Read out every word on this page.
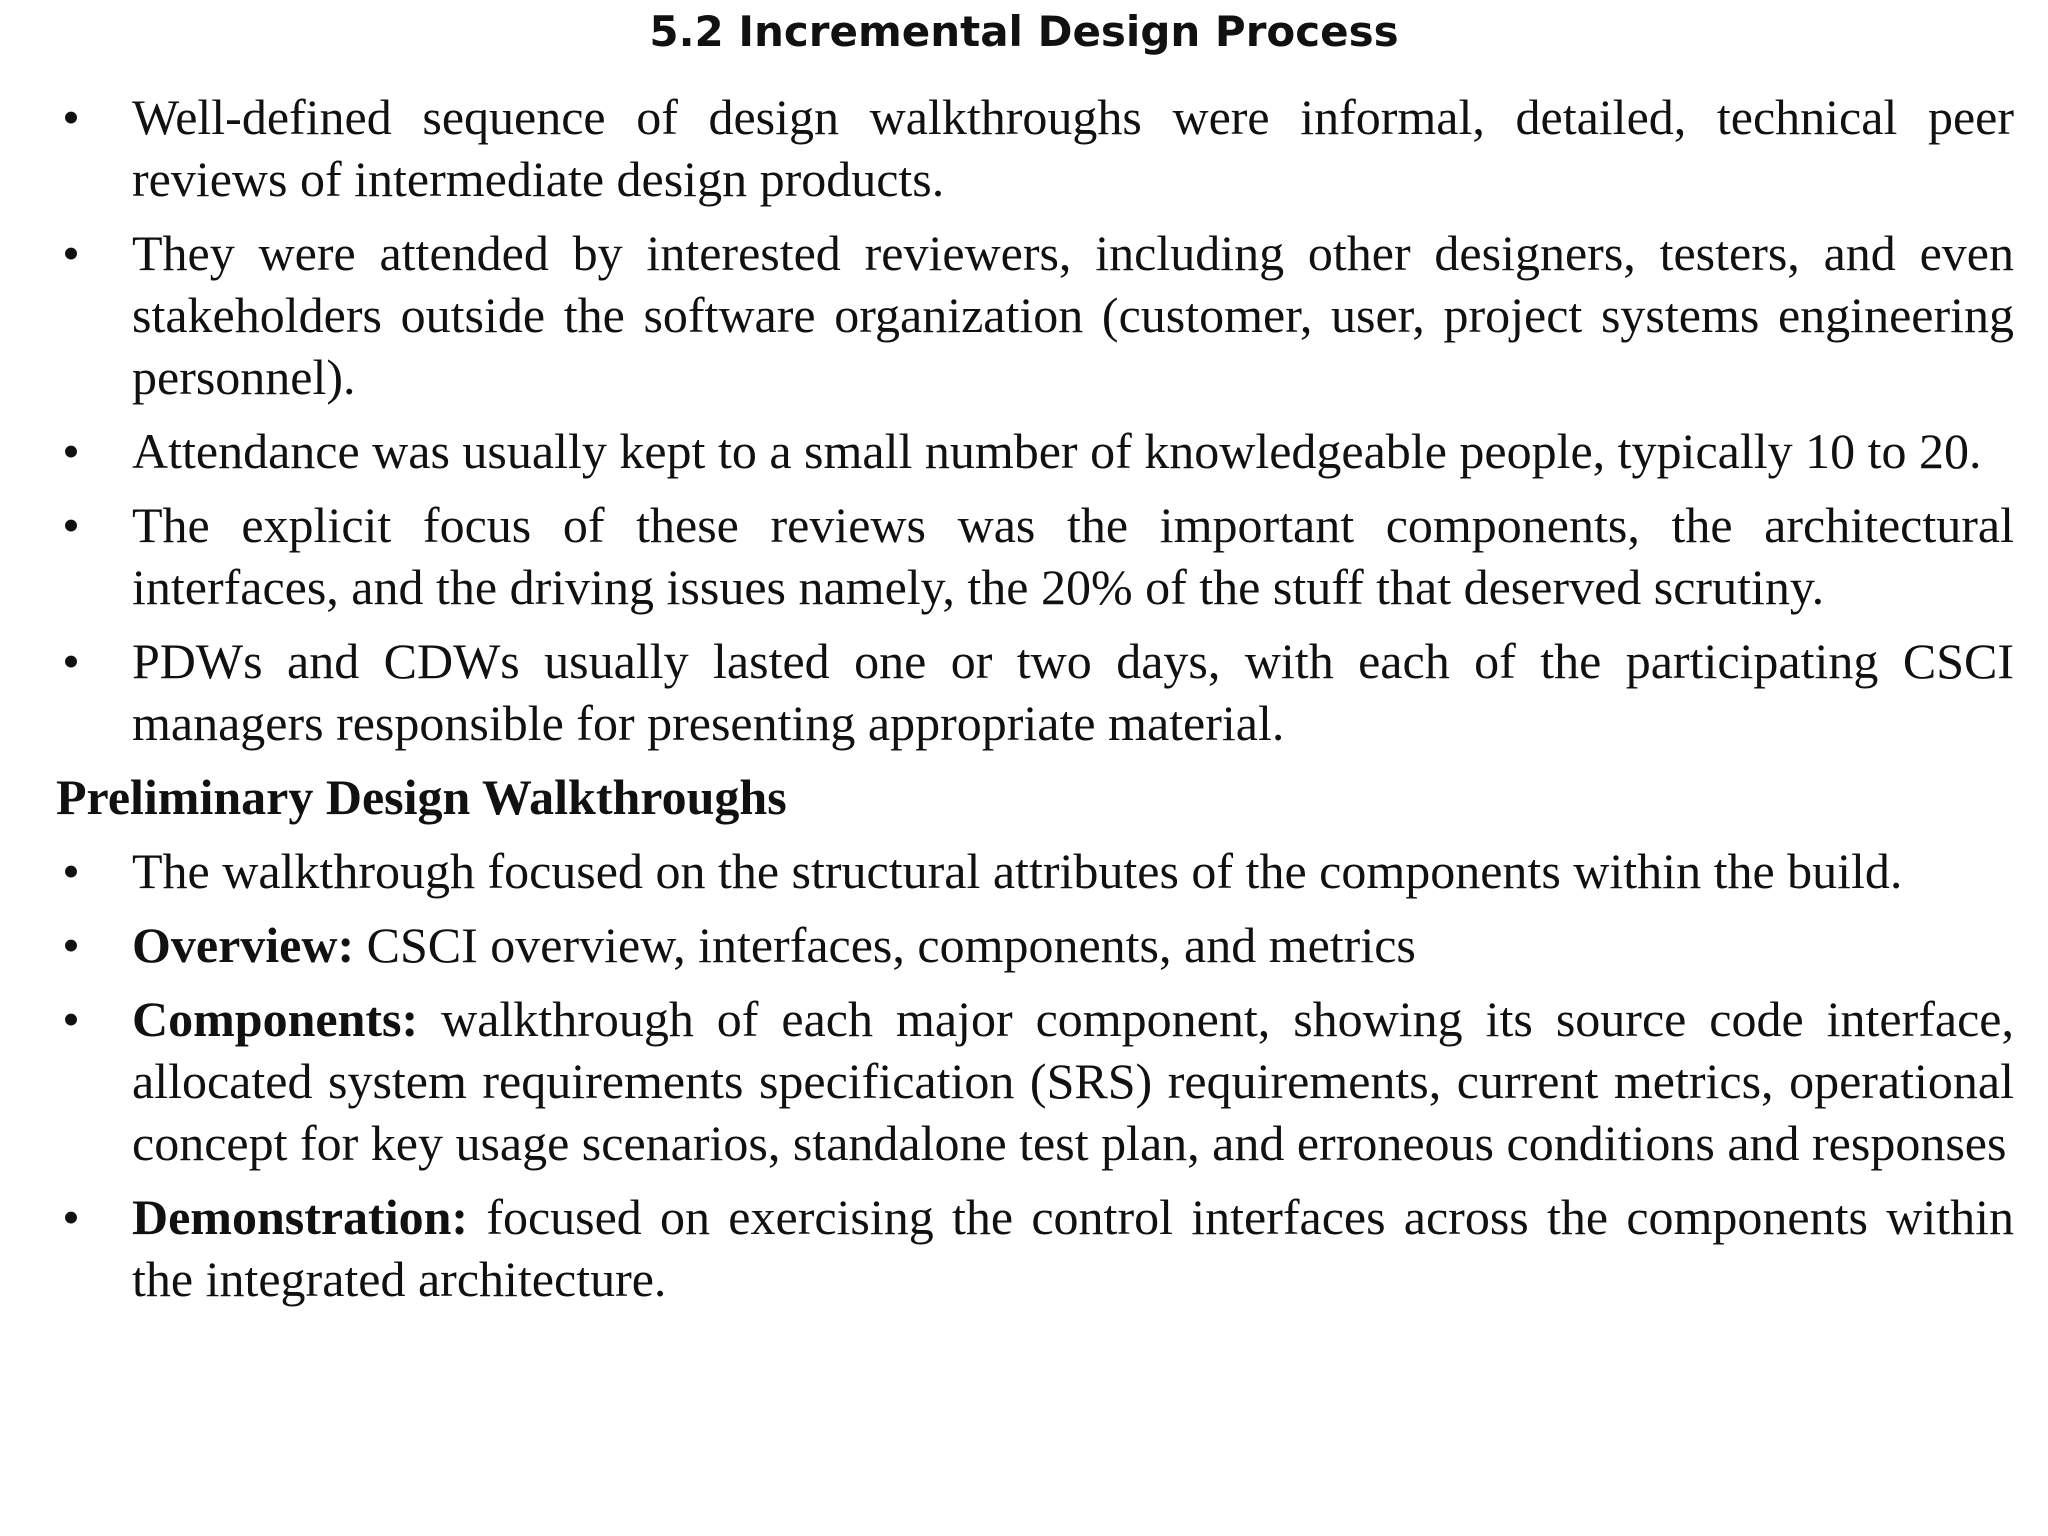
5.2 Incremental Design Process
• Well-defined sequence of design walkthroughs were informal, detailed, technical peer reviews of intermediate design products.
• They were attended by interested reviewers, including other designers, testers, and even stakeholders outside the software organization (customer, user, project systems engineering personnel).
• Attendance was usually kept to a small number of knowledgeable people, typically 10 to 20.
• The explicit focus of these reviews was the important components, the architectural interfaces, and the driving issues namely, the 20% of the stuff that deserved scrutiny.
• PDWs and CDWs usually lasted one or two days, with each of the participating CSCI managers responsible for presenting appropriate material.
Preliminary Design Walkthroughs
• The walkthrough focused on the structural attributes of the components within the build.
• Overview: CSCI overview, interfaces, components, and metrics
• Components: walkthrough of each major component, showing its source code interface, allocated system requirements specification (SRS) requirements, current metrics, operational concept for key usage scenarios, standalone test plan, and erroneous conditions and responses
• Demonstration: focused on exercising the control interfaces across the components within the integrated architecture.
